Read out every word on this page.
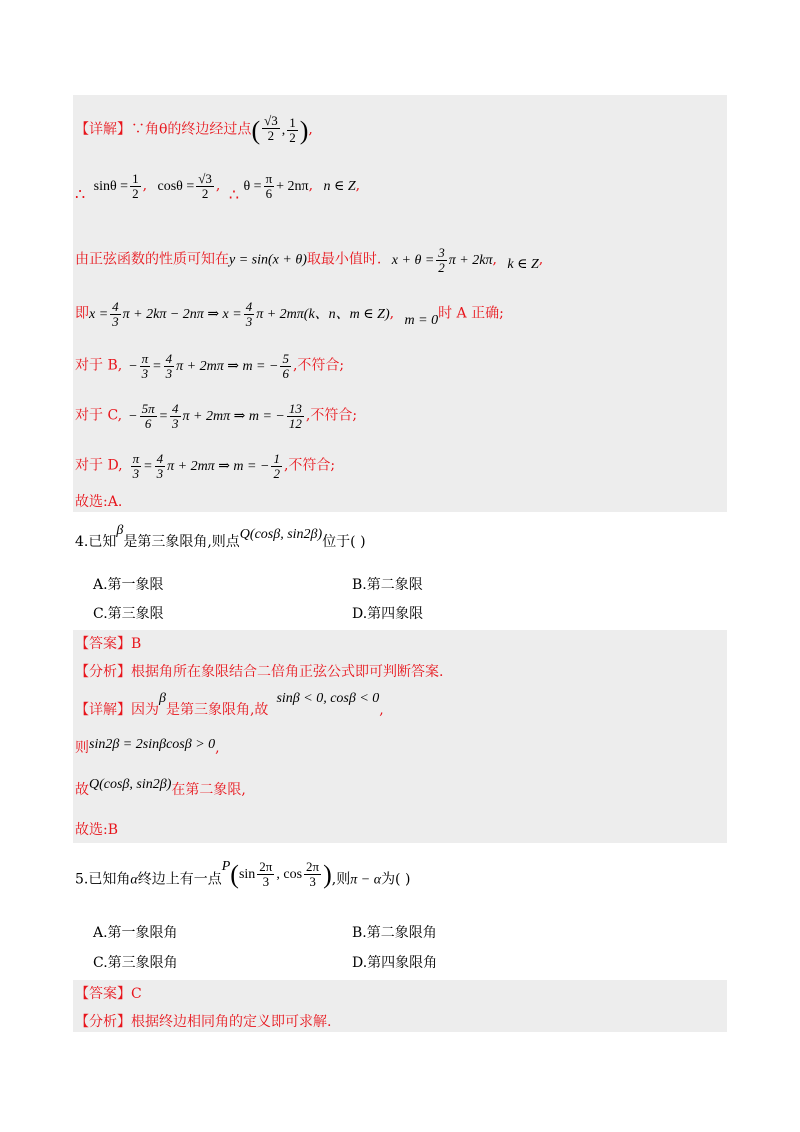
【详解】∵角θ的终边经过点( $\frac{√3}{2}$ , $\frac{1}{2}$ ),
∴ $\sin\theta = \frac{1}{2}$ , $\cos\theta = \frac{√3}{2}$ , ∴ $\theta = \frac{\pi}{6} + 2n\pi$, n ∈ Z,
由正弦函数的性质可知在y = sin(x + θ)取最小值时. $x + \theta = \frac{3}{2}$ π + 2kπ, k ∈ Z,
即$x = \frac{4}{3}$ π + 2kπ − 2nπ ⇒ $x = \frac{4}{3}$ π + 2mπ(k、n、m ∈ Z), m = 0时 A 正确;
对于 B, − $\frac{\pi}{3} = \frac{4}{3}$ π + 2mπ ⇒ m = − $\frac{5}{6}$ ,不符合;
对于 C, − $\frac{5\pi}{6} = \frac{4}{3}$ π + 2mπ ⇒ m = − $\frac{13}{12}$ ,不符合;
对于 D, $\frac{\pi}{3} = \frac{4}{3}$ π + 2mπ ⇒ m = − $\frac{1}{2}$ ,不符合;
故选:A.
4.已知β是第三象限角,则点Q(cosβ, sin2β)位于( )
A.第一象限	B.第二象限
C.第三象限	D.第四象限
【答案】B
【分析】根据角所在象限结合二倍角正弦公式即可判断答案.
【详解】因为β是第三象限角,故sinβ < 0, cosβ < 0,
则sin2β = 2sinβcosβ > 0,
故Q(cosβ, sin2β)在第二象限,
故选:B
5.已知角α终边上有一点$P(\sin \frac{2\pi}{3}$ , $\cos \frac{2\pi}{3}$ ),则π − α为( )
A.第一象限角	B.第二象限角
C.第三象限角	D.第四象限角
【答案】C
【分析】根据终边相同角的定义即可求解.
